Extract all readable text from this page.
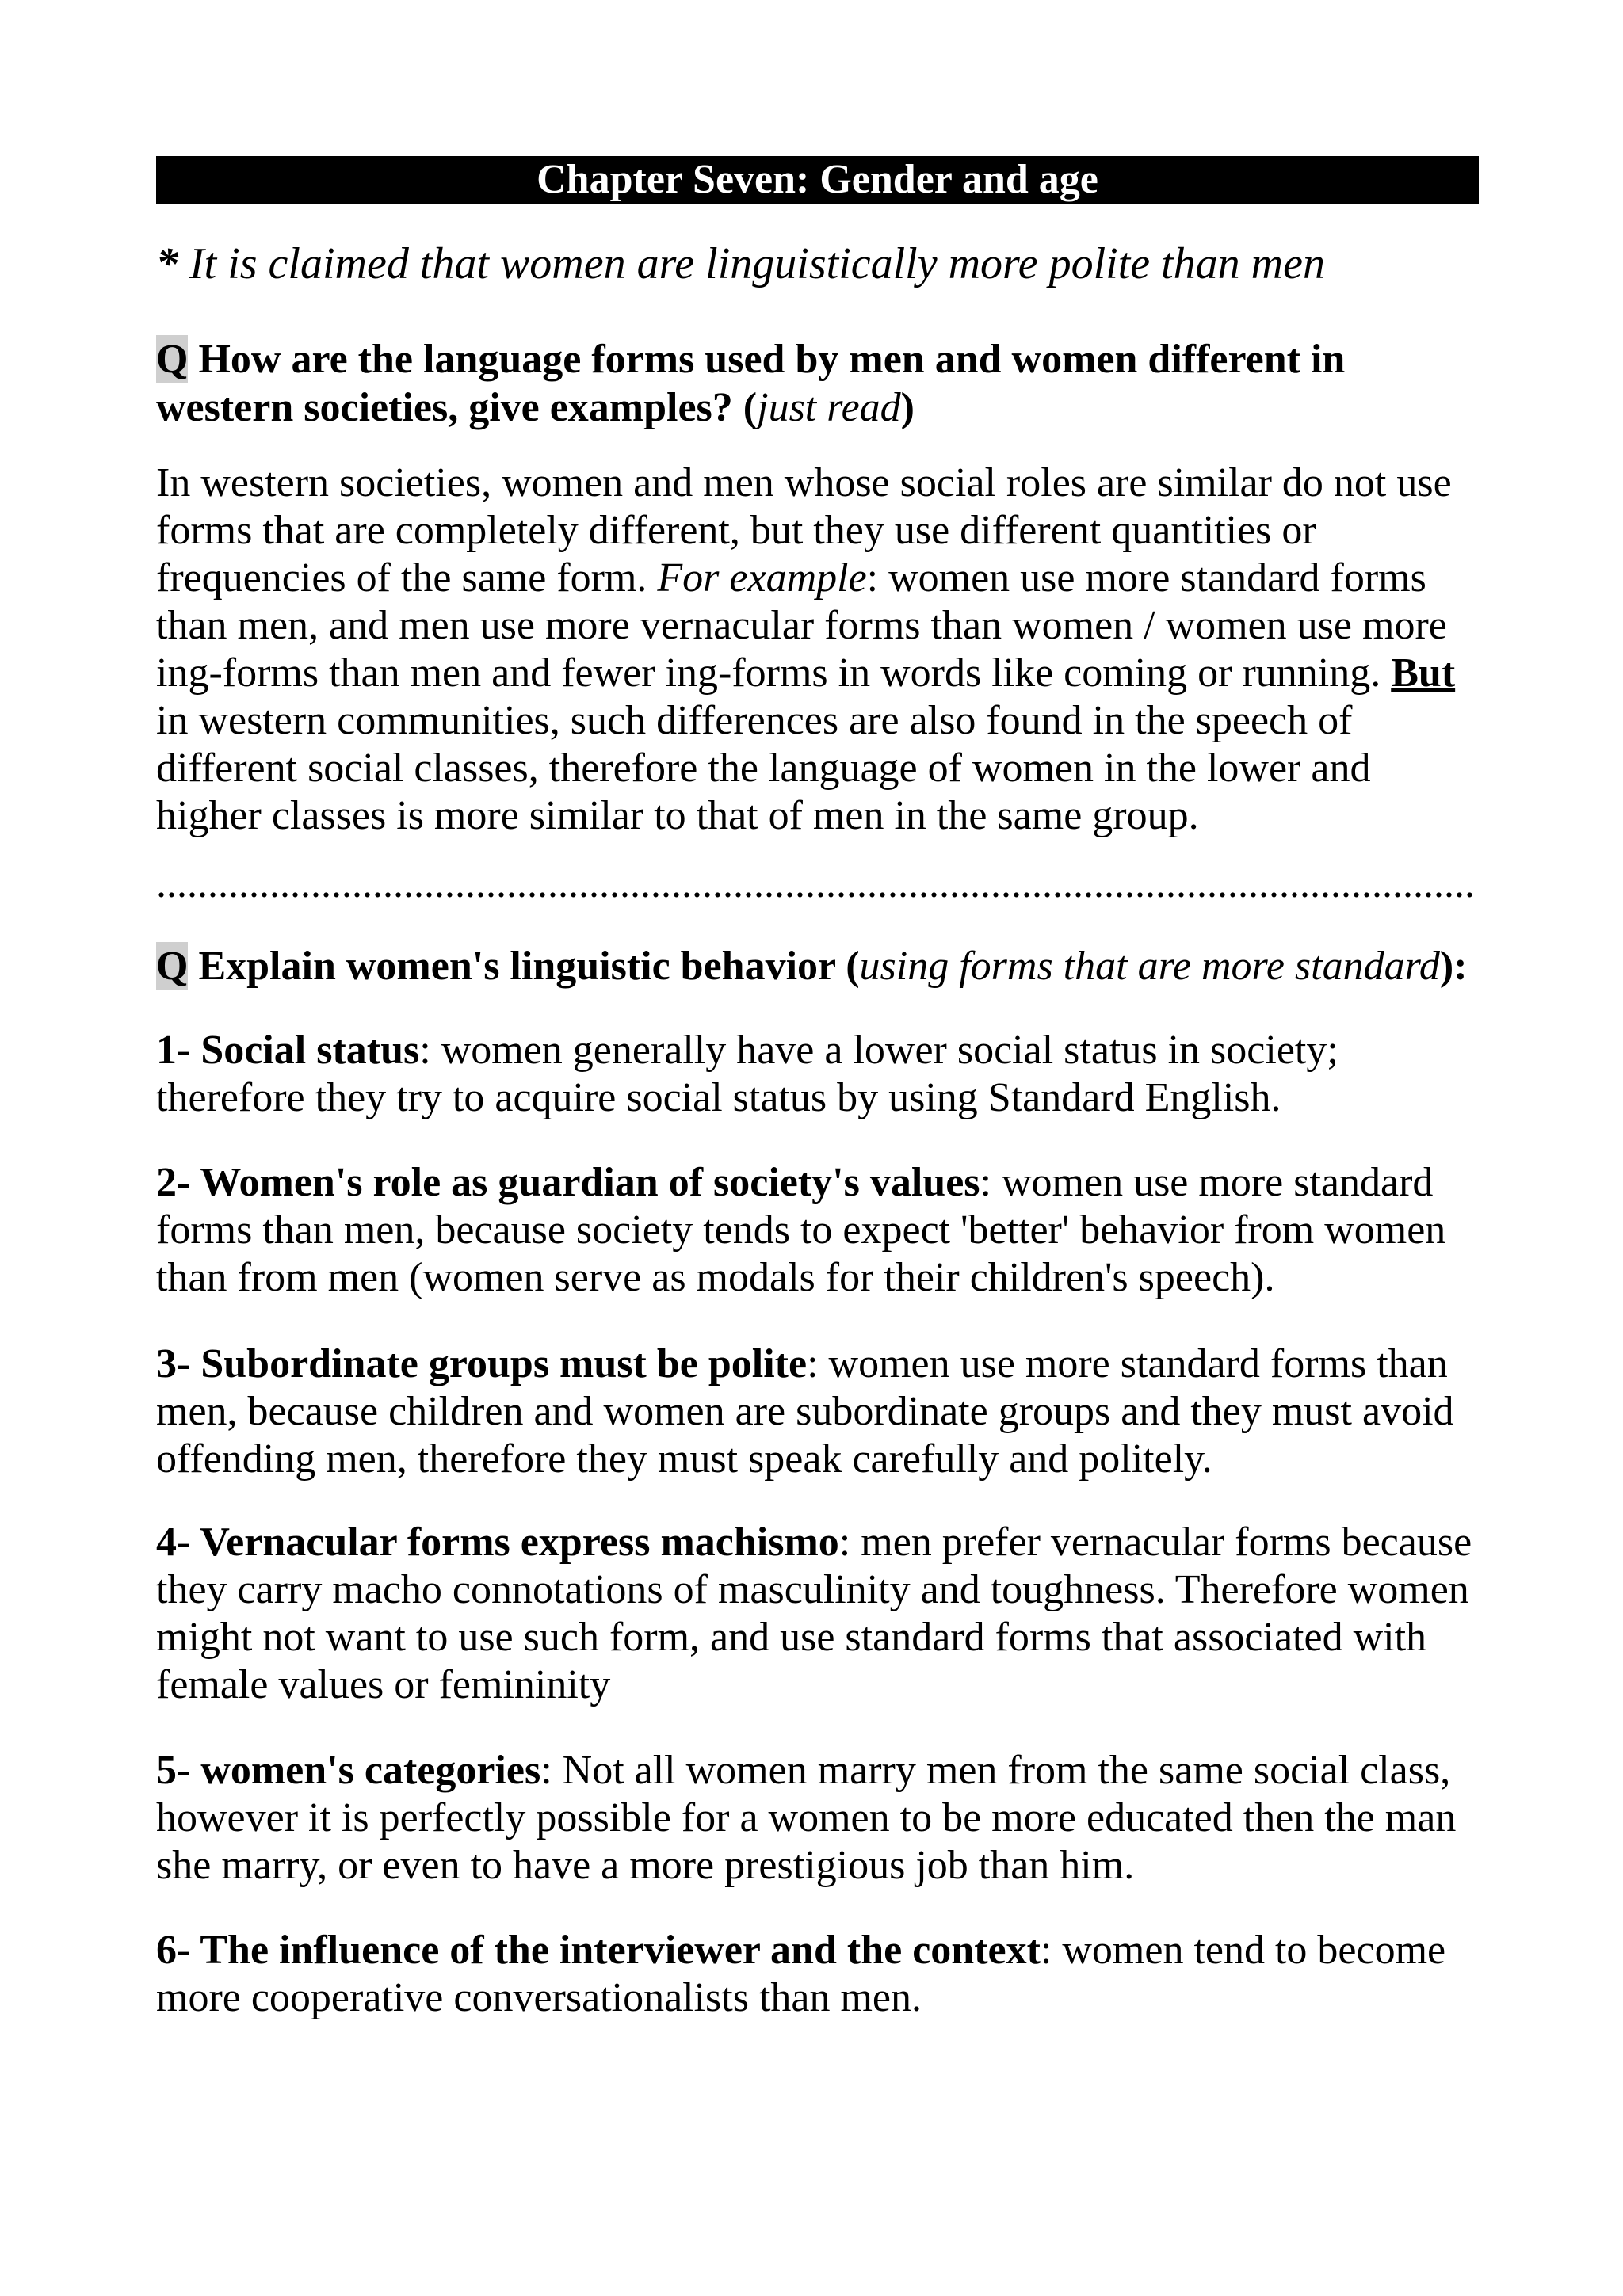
Chapter Seven: Gender and age

* It is claimed that women are linguistically more polite than men

Q How are the language forms used by men and women different in western societies, give examples? (just read)

In western societies, women and men whose social roles are similar do not use forms that are completely different, but they use different quantities or frequencies of the same form. For example: women use more standard forms than men, and men use more vernacular forms than women / women use more ing-forms than men and fewer ing-forms in words like coming or running. But in western communities, such differences are also found in the speech of different social classes, therefore the language of women in the lower and higher classes is more similar to that of men in the same group.

................................................................................................................................

Q Explain women's linguistic behavior (using forms that are more standard):

1- Social status: women generally have a lower social status in society; therefore they try to acquire social status by using Standard English.

2- Women's role as guardian of society's values: women use more standard forms than men, because society tends to expect 'better' behavior from women than from men (women serve as modals for their children's speech).

3- Subordinate groups must be polite: women use more standard forms than men, because children and women are subordinate groups and they must avoid offending men, therefore they must speak carefully and politely.

4- Vernacular forms express machismo: men prefer vernacular forms because they carry macho connotations of masculinity and toughness. Therefore women might not want to use such form, and use standard forms that associated with female values or femininity

5- women's categories: Not all women marry men from the same social class, however it is perfectly possible for a women to be more educated then the man she marry, or even to have a more prestigious job than him.

6- The influence of the interviewer and the context: women tend to become more cooperative conversationalists than men.
